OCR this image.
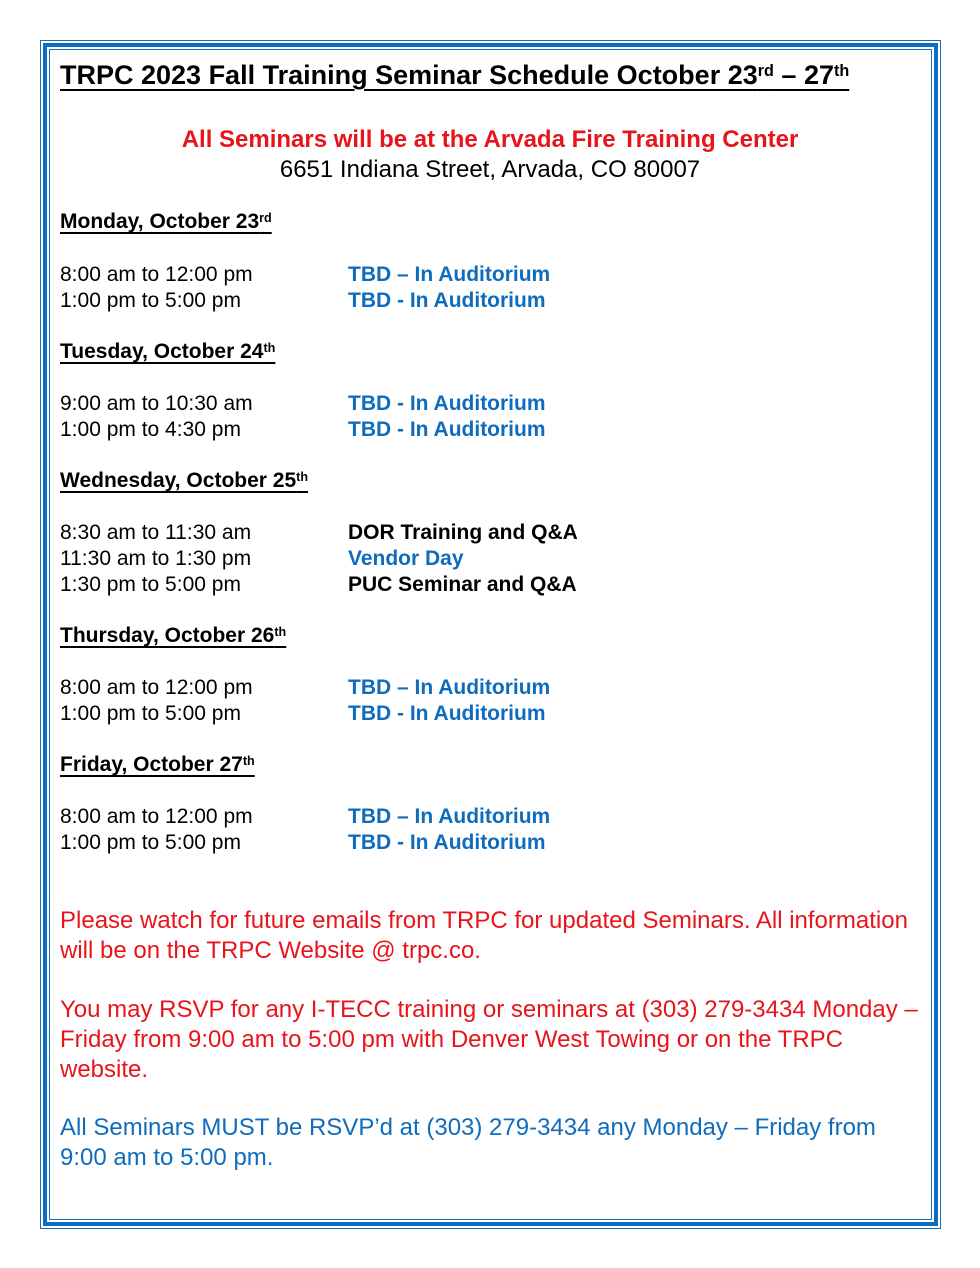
TRPC 2023 Fall Training Seminar Schedule October 23rd – 27th
All Seminars will be at the Arvada Fire Training Center
6651 Indiana Street, Arvada, CO 80007
Monday, October 23rd
8:00 am to 12:00 pm	TBD – In Auditorium
1:00 pm to 5:00 pm	TBD - In Auditorium
Tuesday, October 24th
9:00 am to 10:30 am	TBD - In Auditorium
1:00 pm to 4:30 pm	TBD - In Auditorium
Wednesday, October 25th
8:30 am to 11:30 am	DOR Training and Q&A
11:30 am to 1:30 pm	Vendor Day
1:30 pm to 5:00 pm	PUC Seminar and Q&A
Thursday, October 26th
8:00 am to 12:00 pm	TBD – In Auditorium
1:00 pm to 5:00 pm	TBD - In Auditorium
Friday, October 27th
8:00 am to 12:00 pm	TBD – In Auditorium
1:00 pm to 5:00 pm	TBD - In Auditorium
Please watch for future emails from TRPC for updated Seminars. All information will be on the TRPC Website @ trpc.co.
You may RSVP for any I-TECC training or seminars at (303) 279-3434 Monday – Friday from 9:00 am to 5:00 pm with Denver West Towing or on the TRPC website.
All Seminars MUST be RSVP’d at (303) 279-3434 any Monday – Friday from 9:00 am to 5:00 pm.
